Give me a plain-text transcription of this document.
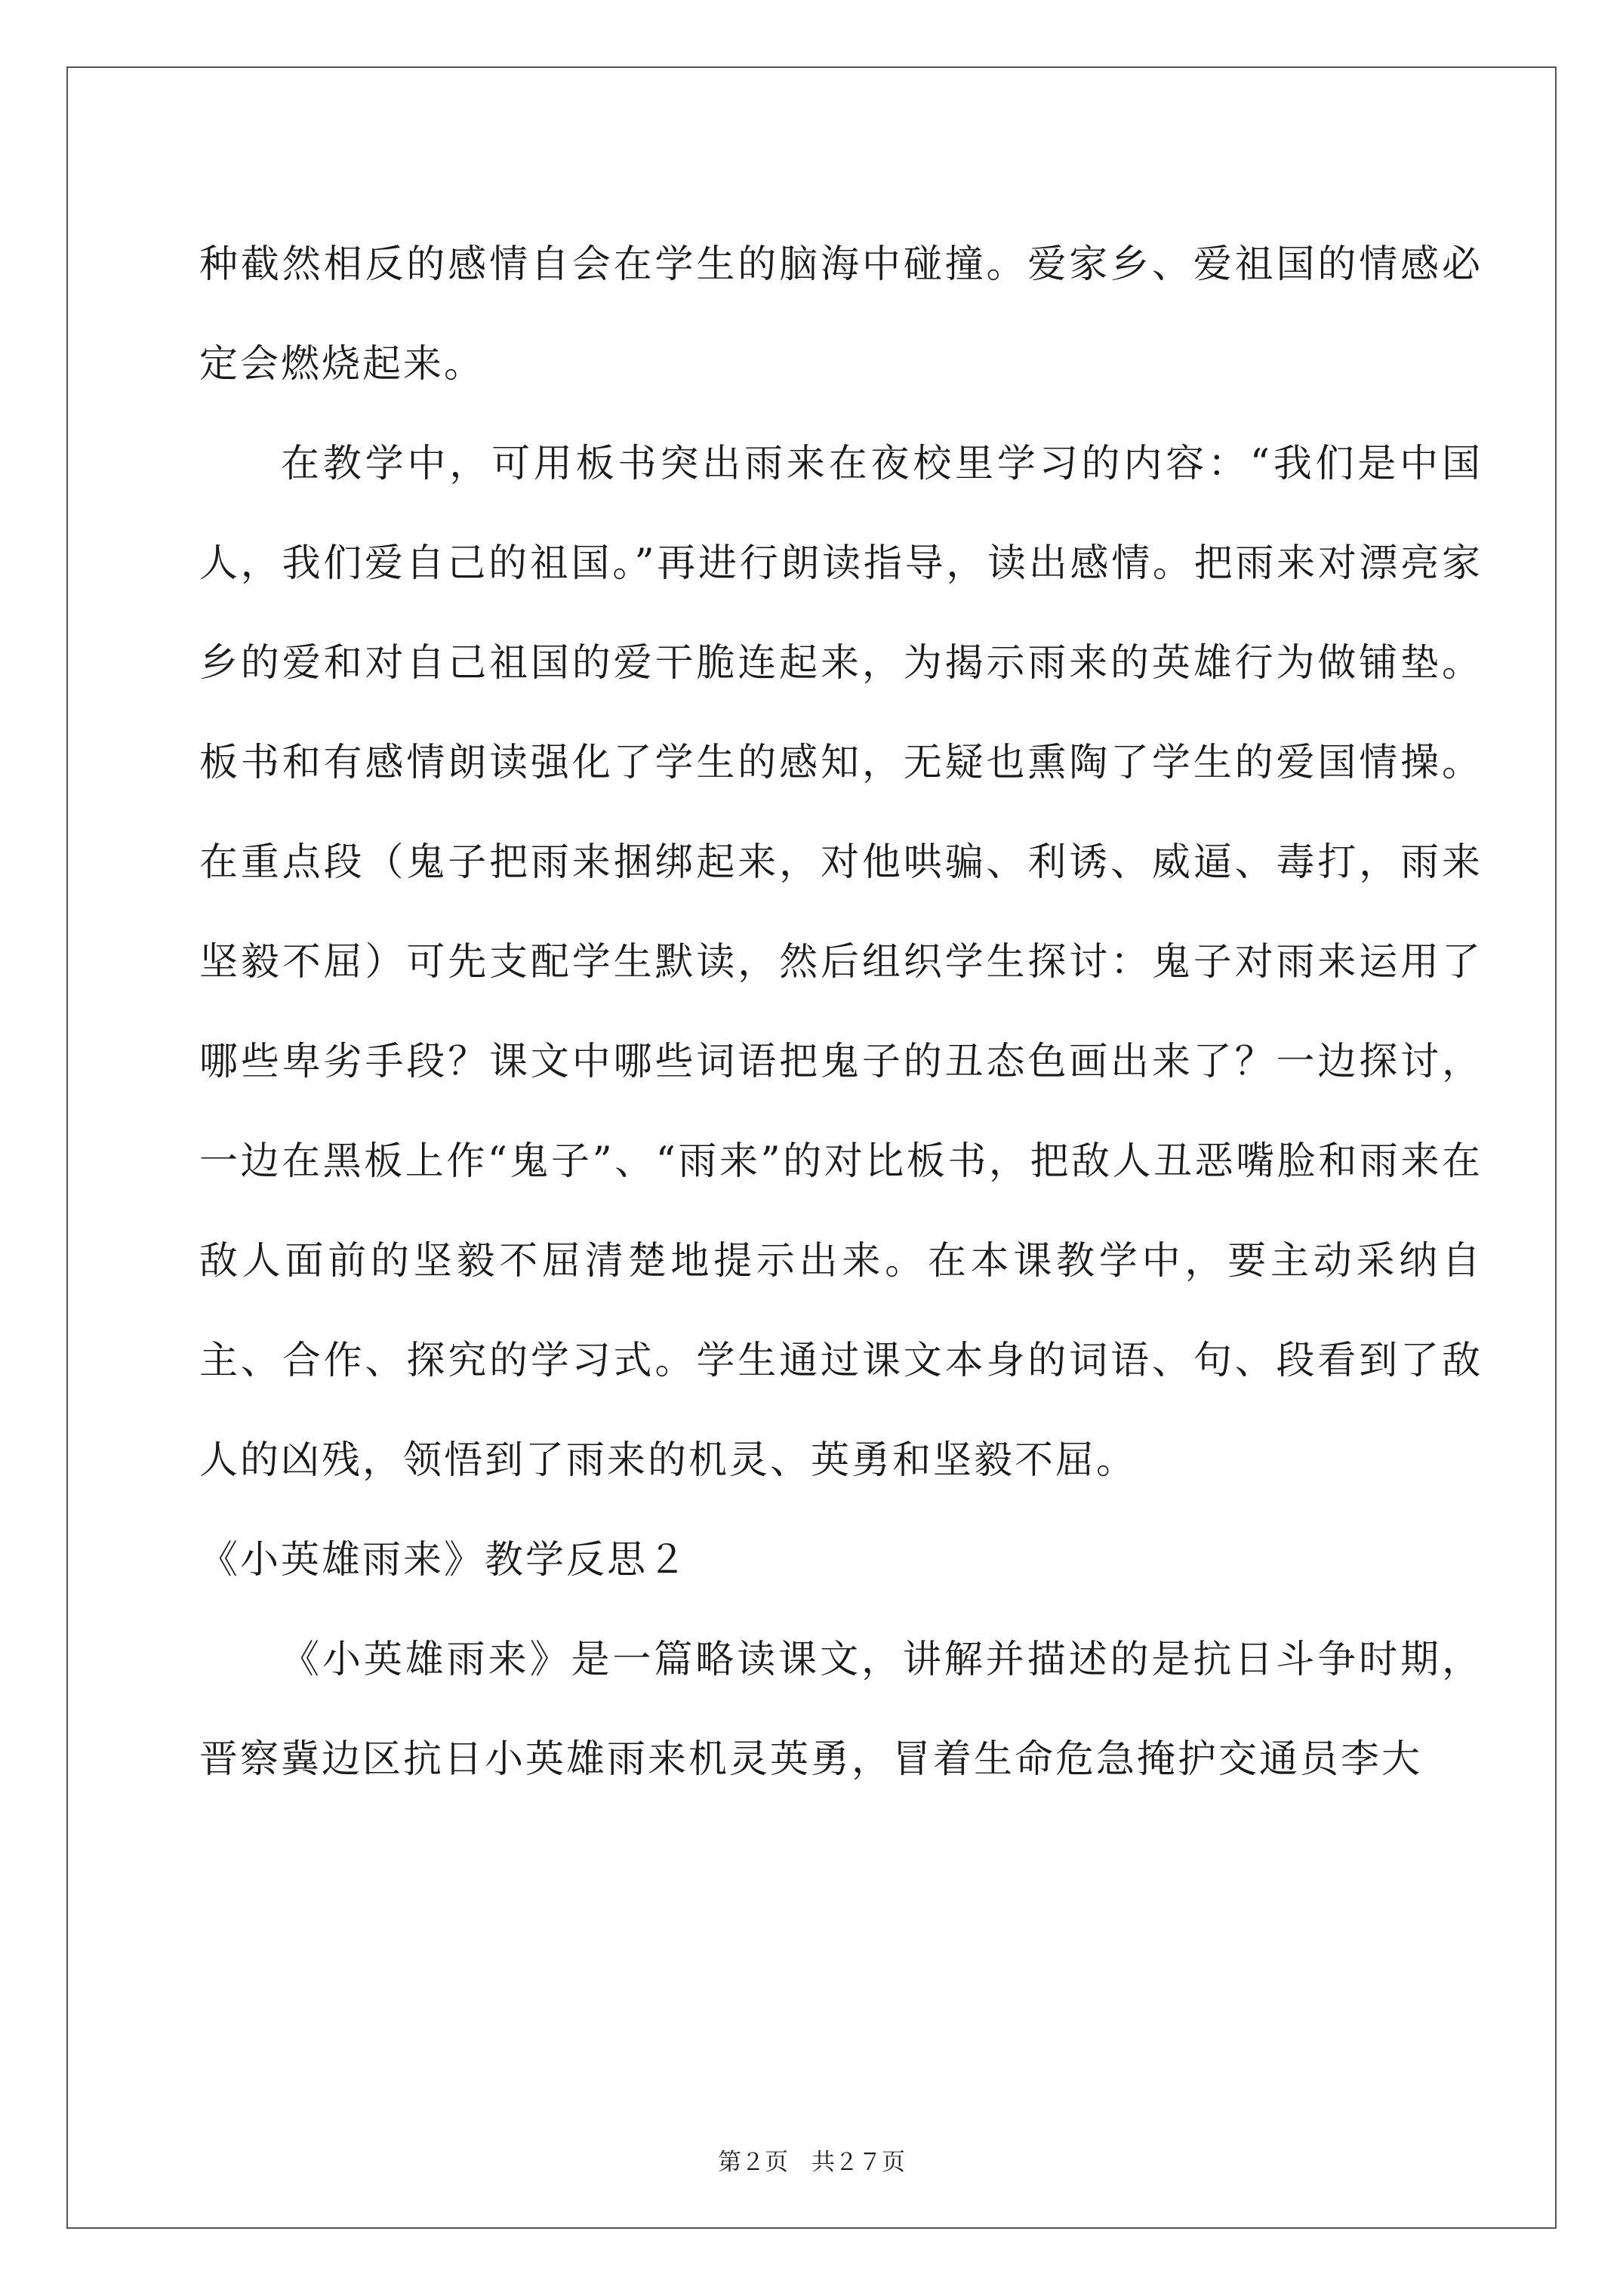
种截然相反的感情自会在学生的脑海中碰撞。爱家乡、爱祖国的情感必定会燃烧起来。

在教学中，可用板书突出雨来在夜校里学习的内容：“我们是中国人，我们爱自己的祖国。”再进行朗读指导，读出感情。把雨来对漂亮家乡的爱和对自己祖国的爱干脆连起来，为揭示雨来的英雄行为做铺垫。板书和有感情朗读强化了学生的感知，无疑也熏陶了学生的爱国情操。在重点段（鬼子把雨来捆绑起来，对他哄骗、利诱、威逼、毒打，雨来坚毅不屈）可先支配学生默读，然后组织学生探讨：鬼子对雨来运用了哪些卑劣手段？课文中哪些词语把鬼子的丑态色画出来了？一边探讨，一边在黑板上作“鬼子”、“雨来”的对比板书，把敌人丑恶嘴脸和雨来在敌人面前的坚毅不屈清楚地提示出来。在本课教学中，要主动采纳自主、合作、探究的学习式。学生通过课文本身的词语、句、段看到了敌人的凶残，领悟到了雨来的机灵、英勇和坚毅不屈。

《小英雄雨来》教学反思２

《小英雄雨来》是一篇略读课文，讲解并描述的是抗日斗争时期，晋察冀边区抗日小英雄雨来机灵英勇，冒着生命危急掩护交通员李大

第２页　共２７页
